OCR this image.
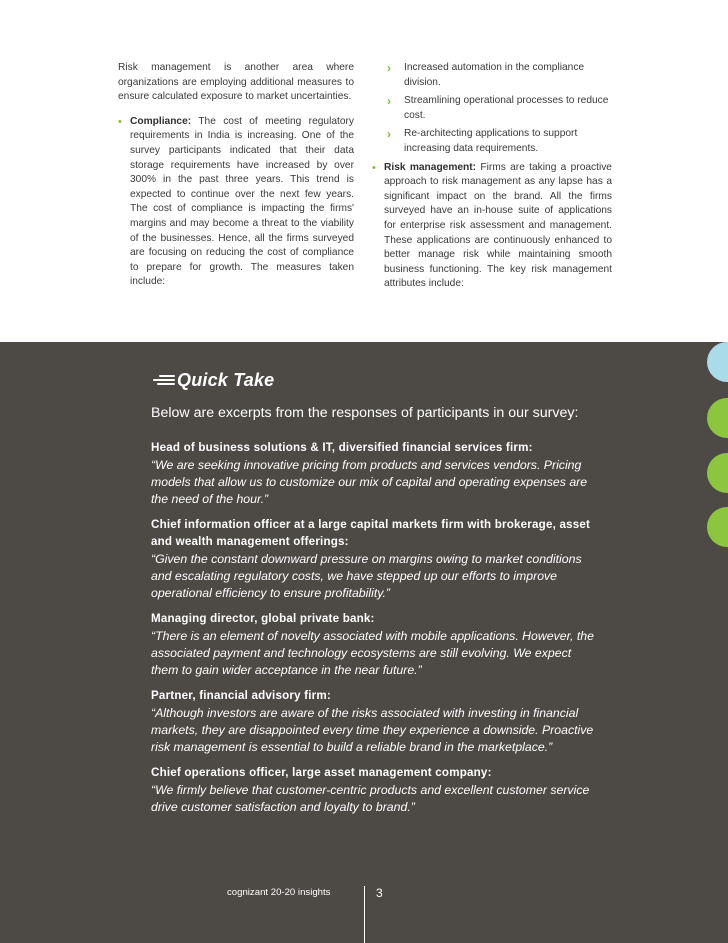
Risk management is another area where organizations are employing additional measures to ensure calculated exposure to market uncertainties.

• Compliance: The cost of meeting regulatory requirements in India is increasing. One of the survey participants indicated that their data storage requirements have increased by over 300% in the past three years. This trend is expected to continue over the next few years. The cost of compliance is impacting the firms' margins and may become a threat to the viability of the businesses. Hence, all the firms surveyed are focusing on reducing the cost of compliance to prepare for growth. The measures taken include:

› Increased automation in the compliance division.
› Streamlining operational processes to reduce cost.
› Re-architecting applications to support increasing data requirements.

• Risk management: Firms are taking a proactive approach to risk management as any lapse has a significant impact on the brand. All the firms surveyed have an in-house suite of applications for enterprise risk assessment and management. These applications are continuously enhanced to better manage risk while maintaining smooth business functioning. The key risk management attributes include:

Quick Take
Below are excerpts from the responses of participants in our survey:
Head of business solutions & IT, diversified financial services firm:
“We are seeking innovative pricing from products and services vendors. Pricing models that allow us to customize our mix of capital and operating expenses are the need of the hour.”
Chief information officer at a large capital markets firm with brokerage, asset and wealth management offerings:
“Given the constant downward pressure on margins owing to market conditions and escalating regulatory costs, we have stepped up our efforts to improve operational efficiency to ensure profitability.”
Managing director, global private bank:
“There is an element of novelty associated with mobile applications. However, the associated payment and technology ecosystems are still evolving. We expect them to gain wider acceptance in the near future.”
Partner, financial advisory firm:
“Although investors are aware of the risks associated with investing in financial markets, they are disappointed every time they experience a downside. Proactive risk management is essential to build a reliable brand in the marketplace.”
Chief operations officer, large asset management company:
“We firmly believe that customer-centric products and excellent customer service drive customer satisfaction and loyalty to brand.”
cognizant 20-20 insights	3
